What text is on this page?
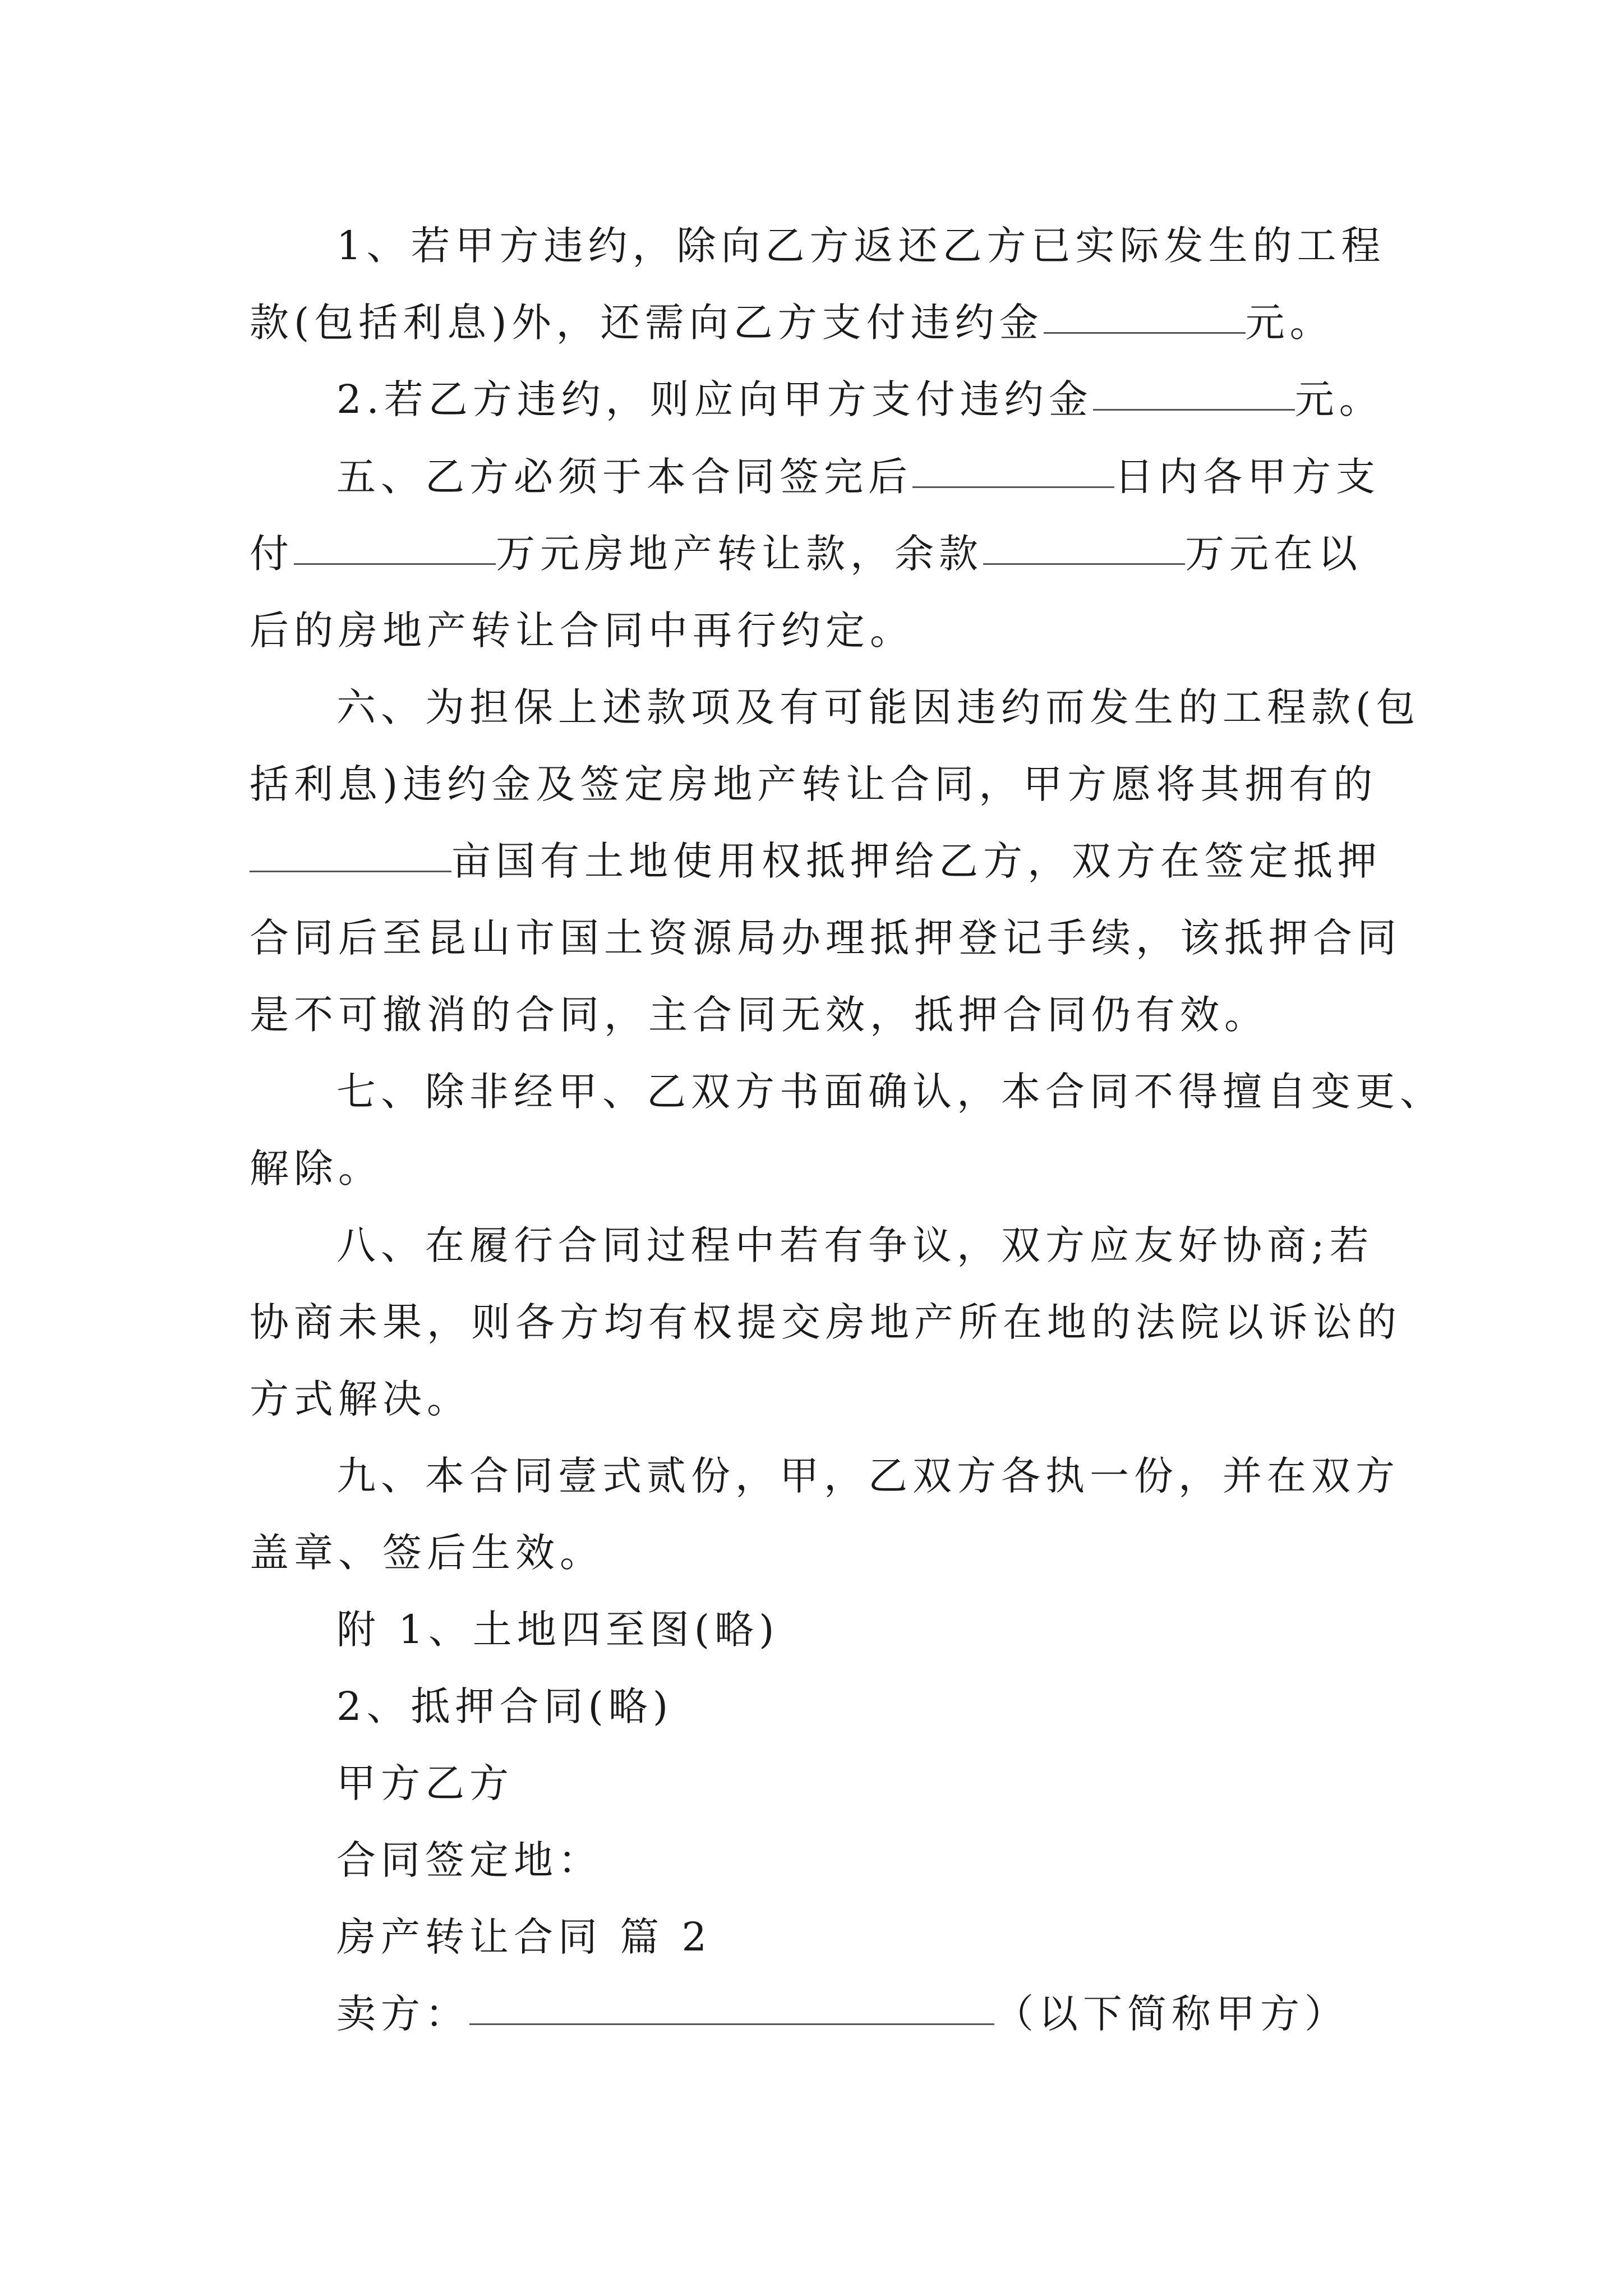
1、若甲方违约，除向乙方返还乙方已实际发生的工程
款(包括利息)外，还需向乙方支付违约金	元。
2.若乙方违约，则应向甲方支付违约金	元。
五、乙方必须于本合同签完后	日内各甲方支
付	万元房地产转让款，余款	万元在以
后的房地产转让合同中再行约定。
六、为担保上述款项及有可能因违约而发生的工程款(包
括利息)违约金及签定房地产转让合同，甲方愿将其拥有的
亩国有土地使用权抵押给乙方，双方在签定抵押
合同后至昆山市国土资源局办理抵押登记手续，该抵押合同
是不可撤消的合同，主合同无效，抵押合同仍有效。
七、除非经甲、乙双方书面确认，本合同不得擅自变更、
解除。
八、在履行合同过程中若有争议，双方应友好协商;若
协商未果，则各方均有权提交房地产所在地的法院以诉讼的
方式解决。
九、本合同壹式贰份，甲，乙双方各执一份，并在双方
盖章、签后生效。
附 1、土地四至图(略)
2、抵押合同(略)
甲方乙方
合同签定地：
房产转让合同 篇 2
卖方：	（以下简称甲方）
